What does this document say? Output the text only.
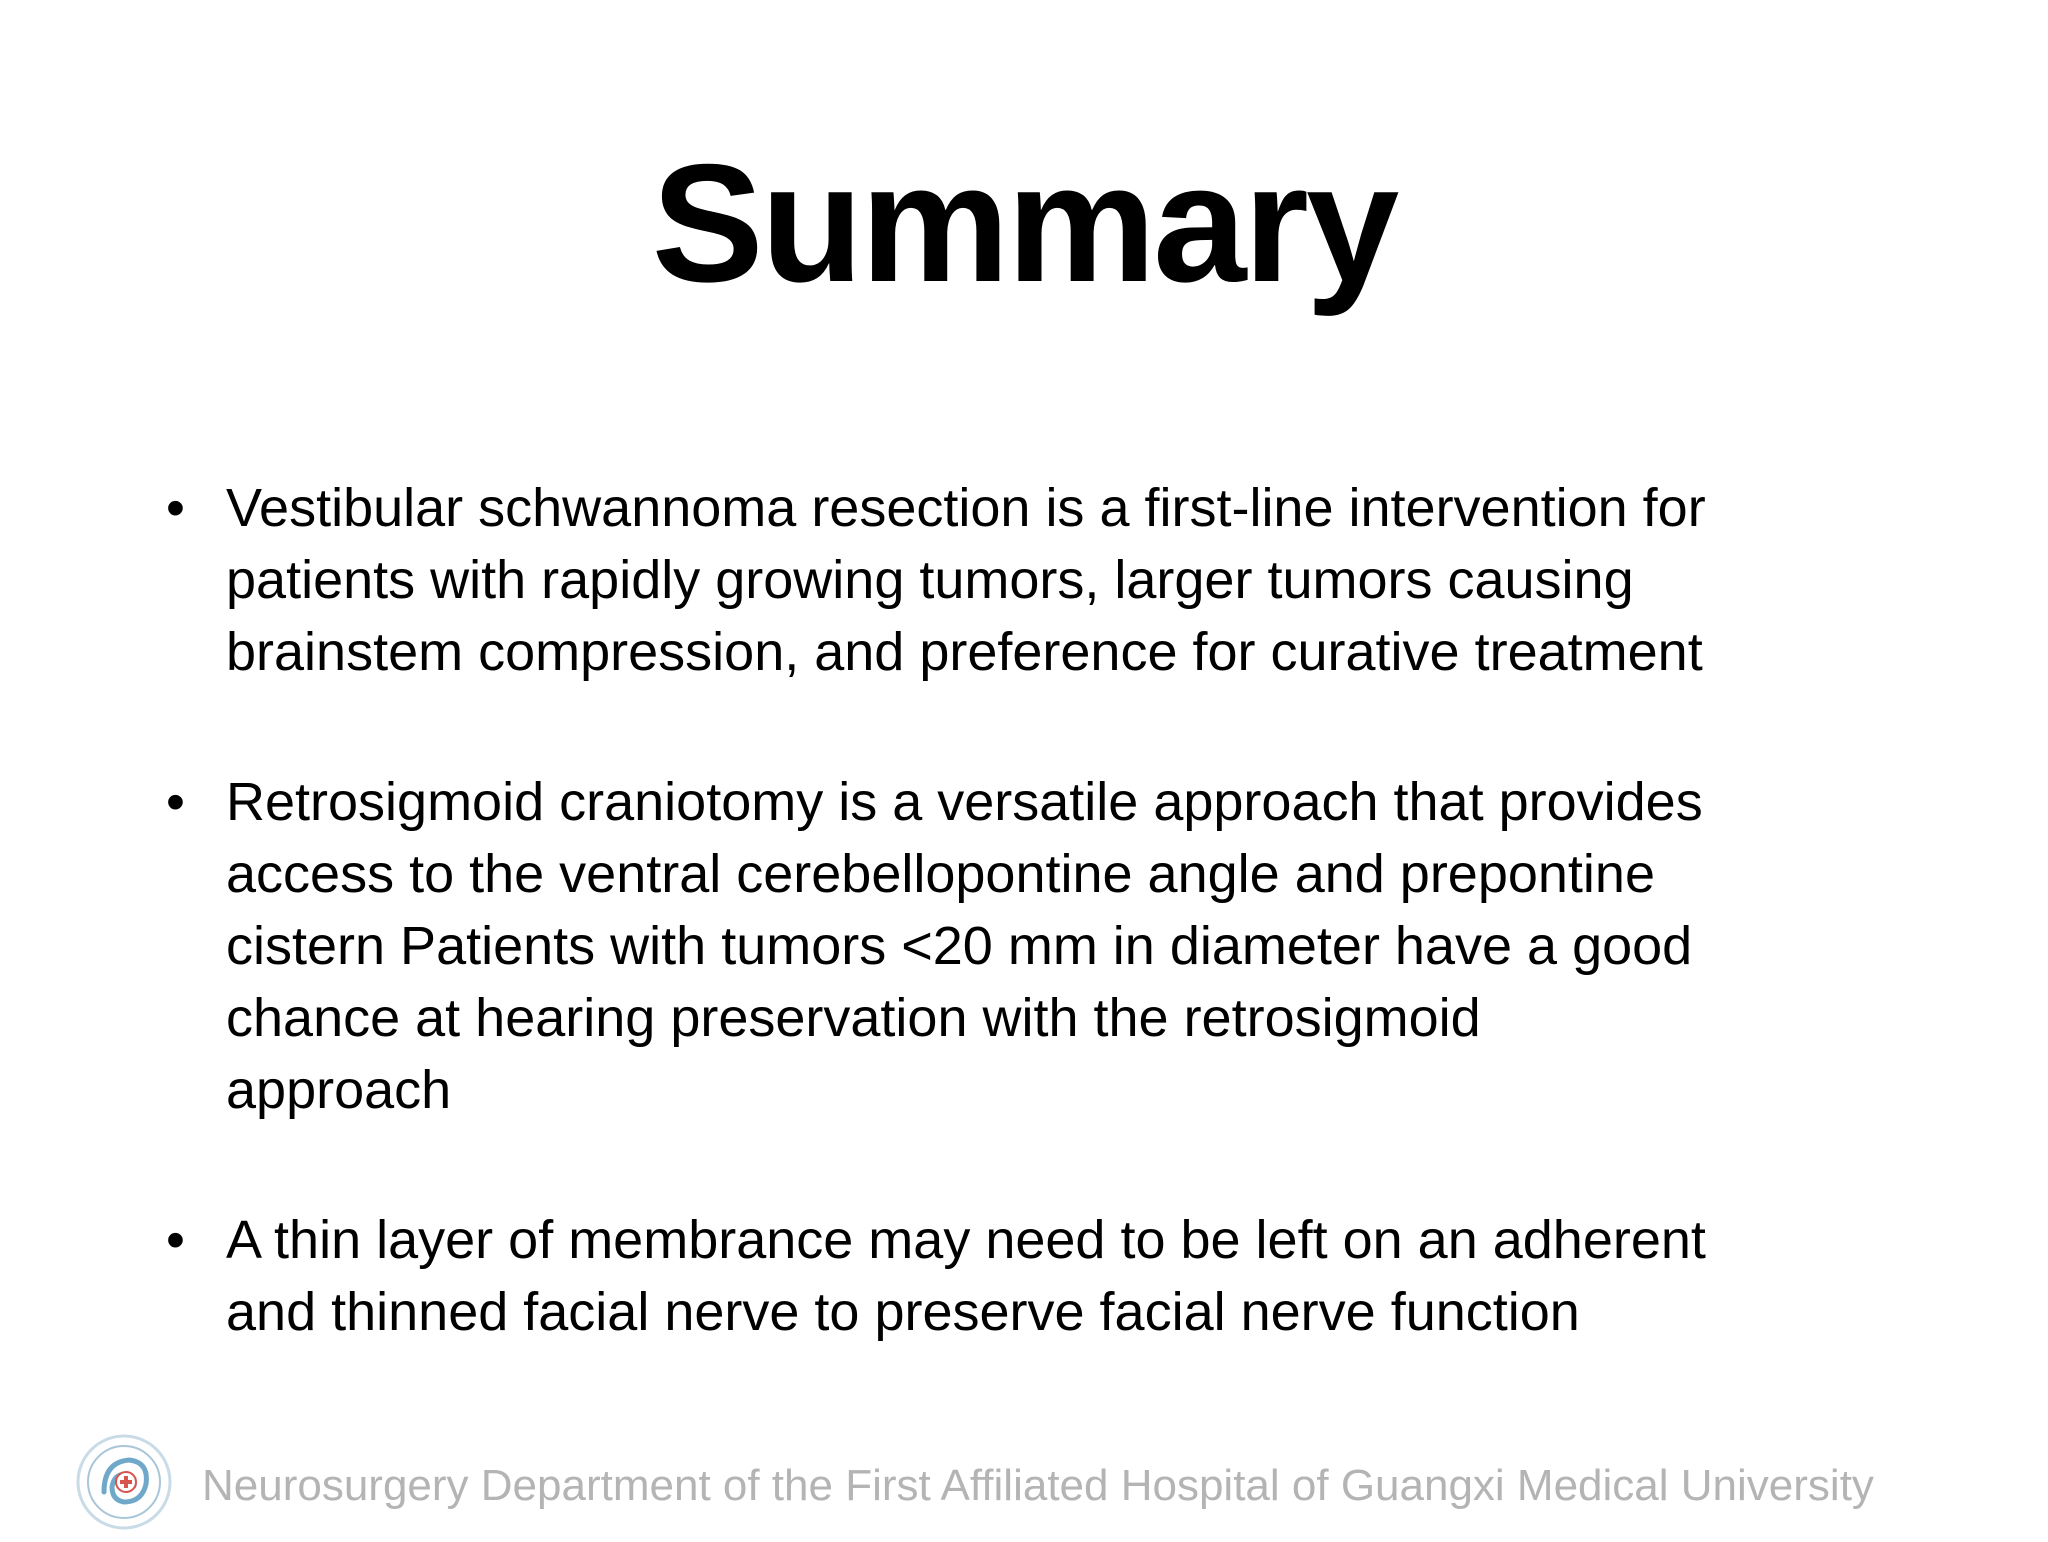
Summary
• Vestibular schwannoma resection is a first-line intervention for
patients with rapidly growing tumors, larger tumors causing
brainstem compression, and preference for curative treatment
• Retrosigmoid craniotomy is a versatile approach that provides
access to the ventral cerebellopontine angle and prepontine
cistern Patients with tumors <20 mm in diameter have a good
chance at hearing preservation with the retrosigmoid
approach
• A thin layer of membrance may need to be left on an adherent
and thinned facial nerve to preserve facial nerve function
Neurosurgery Department of the First Affiliated Hospital of Guangxi Medical University
